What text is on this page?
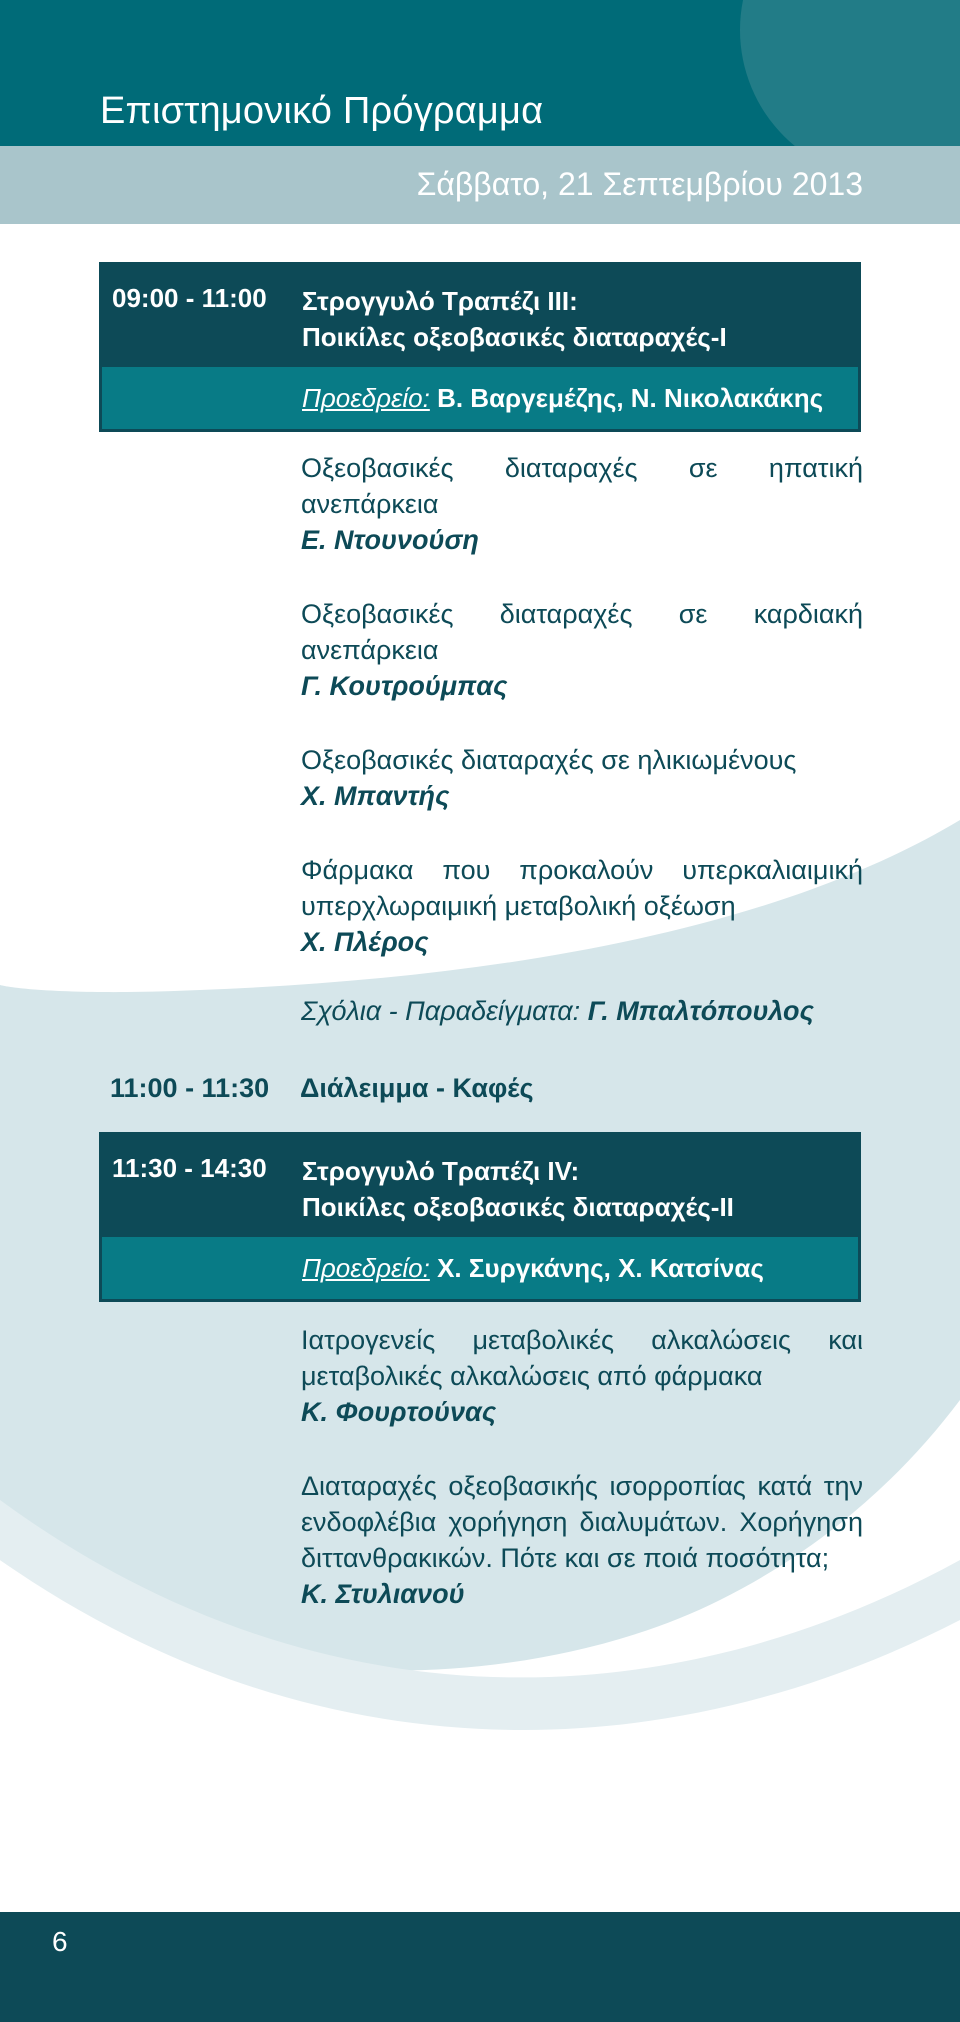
Επιστημονικό Πρόγραμμα
Σάββατο, 21 Σεπτεμβρίου 2013
09:00 - 11:00 Στρογγυλό Τραπέζι ΙΙΙ:
Ποικίλες οξεοβασικές διαταραχές-Ι
Προεδρείο: Β. Βαργεμέζης, Ν. Νικολακάκης
Οξεοβασικές διαταραχές σε ηπατική ανεπάρκεια
Ε. Ντουνούση
Οξεοβασικές διαταραχές σε καρδιακή ανεπάρκεια
Γ. Κουτρούμπας
Οξεοβασικές διαταραχές σε ηλικιωμένους
Χ. Μπαντής
Φάρμακα που προκαλούν υπερκαλιαιμική υπερχλωραιμική μεταβολική οξέωση
Χ. Πλέρος
Σχόλια - Παραδείγματα: Γ. Μπαλτόπουλος
11:00 - 11:30 Διάλειμμα - Καφές
11:30 - 14:30 Στρογγυλό Τραπέζι ΙV:
Ποικίλες οξεοβασικές διαταραχές-ΙΙ
Προεδρείο: Χ. Συργκάνης, Χ. Κατσίνας
Ιατρογενείς μεταβολικές αλκαλώσεις και μεταβολικές αλκαλώσεις από φάρμακα
Κ. Φουρτούνας
Διαταραχές οξεοβασικής ισορροπίας κατά την ενδοφλέβια χορήγηση διαλυμάτων. Χορήγηση διττανθρακικών. Πότε και σε ποιά ποσότητα;
Κ. Στυλιανού
6
